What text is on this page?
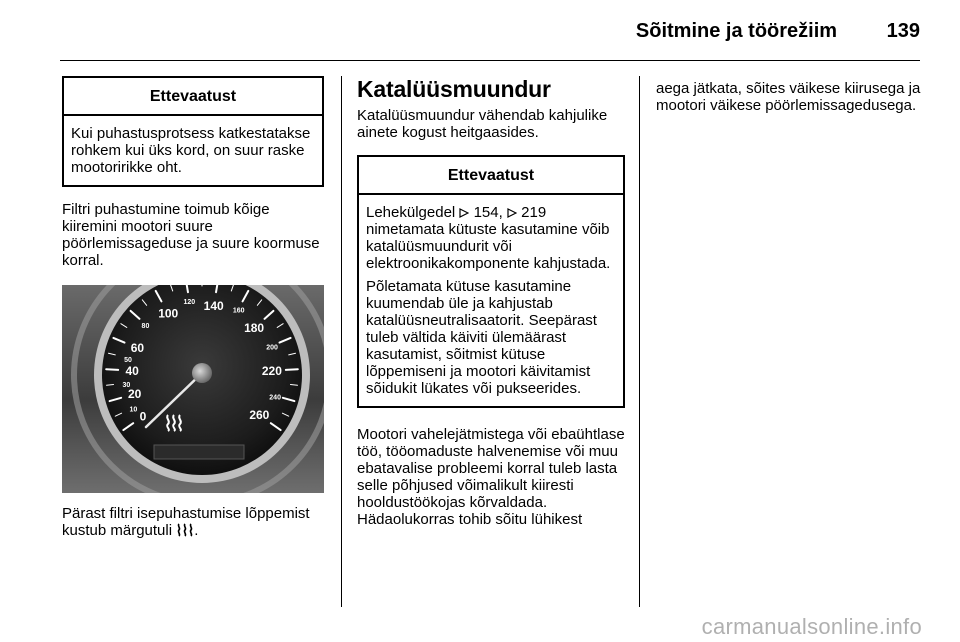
Sõitmine ja töörežiim 139
Ettevaatust

Kui puhastusprotsess katkestatakse rohkem kui üks kord, on suur raske mootoririkke oht.

Filtri puhastumine toimub kõige kiiremini mootori suure pöörlemissageduse ja suure koormuse korral.

0
10
20
30
40
50
60
80
100
120 140 160
180
200
220
240
260

Pärast filtri isepuhastumise lõppemist kustub märgutuli .

Katalüüsmuundur

Katalüüsmuundur vähendab kahjulike ainete kogust heitgaasides.

Ettevaatust

Lehekülgedel 154, 219 nimetamata kütuste kasutamine võib katalüüsmuundurit või elektroonikakomponente kahjustada.

Põletamata kütuse kasutamine kuumendab üle ja kahjustab katalüüsneutralisaatorit. Seepärast tuleb vältida käiviti ülemäärast kasutamist, sõitmist kütuse lõppemiseni ja mootori käivitamist sõidukit lükates või pukseerides.

Mootori vahelejätmistega või ebaühtlase töö, tööomaduste halvenemise või muu ebatavalise probleemi korral tuleb lasta selle põhjused võimalikult kiiresti hooldustöökojas kõrvaldada. Hädaolukorras tohib sõitu lühikest

aega jätkata, sõites väikese kiirusega ja mootori väikese pöörlemissagedusega.

carmanualsonline.info
